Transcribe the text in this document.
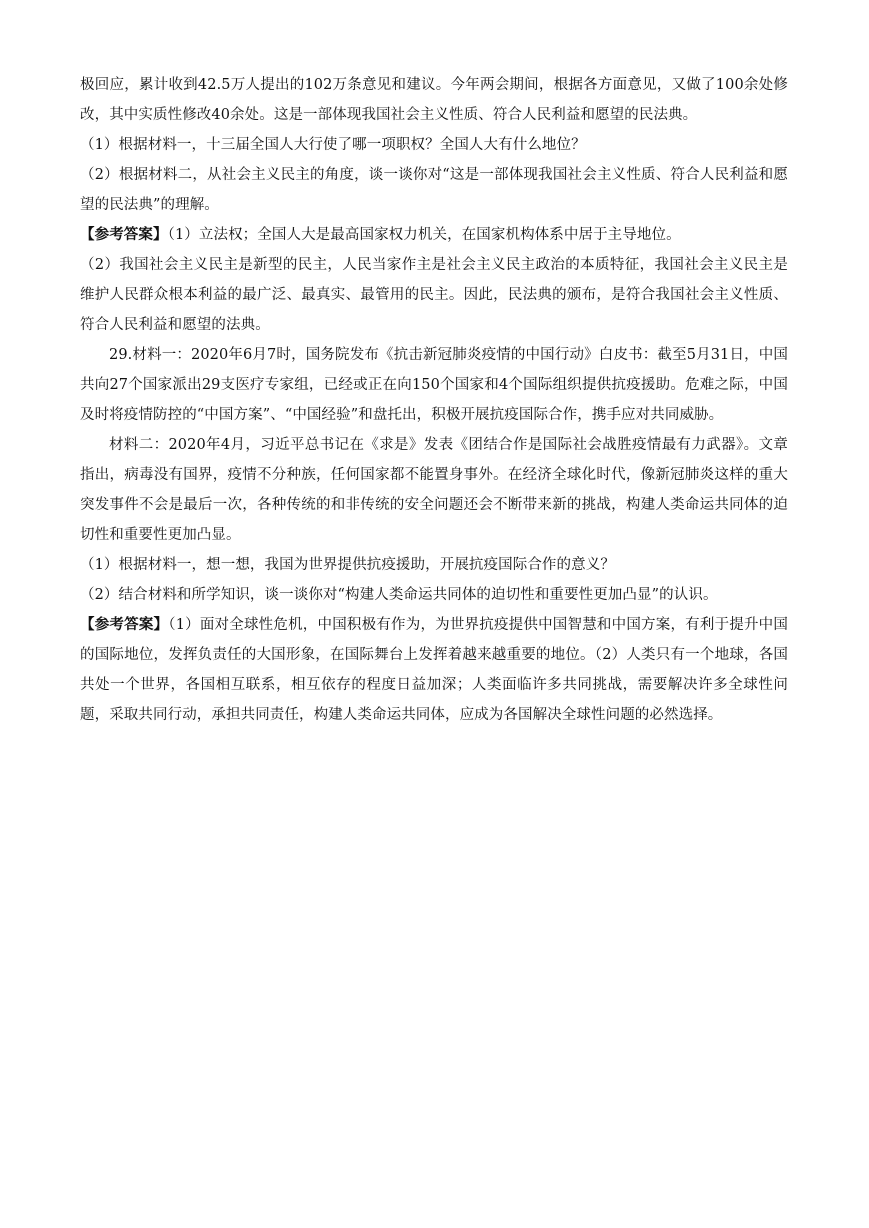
极回应，累计收到42.5万人提出的102万条意见和建议。今年两会期间，根据各方面意见，又做了100余处修改，其中实质性修改40余处。这是一部体现我国社会主义性质、符合人民利益和愿望的民法典。

（1）根据材料一，十三届全国人大行使了哪一项职权？全国人大有什么地位？

（2）根据材料二，从社会主义民主的角度，谈一谈你对“这是一部体现我国社会主义性质、符合人民利益和愿望的民法典”的理解。

【参考答案】（1）立法权；全国人大是最高国家权力机关，在国家机构体系中居于主导地位。

（2）我国社会主义民主是新型的民主，人民当家作主是社会主义民主政治的本质特征，我国社会主义民主是维护人民群众根本利益的最广泛、最真实、最管用的民主。因此，民法典的颁布，是符合我国社会主义性质、符合人民利益和愿望的法典。

29.材料一：2020年6月7时，国务院发布《抗击新冠肺炎疫情的中国行动》白皮书：截至5月31日，中国共向27个国家派出29支医疗专家组，已经或正在向150个国家和4个国际组织提供抗疫援助。危难之际，中国及时将疫情防控的“中国方案”、“中国经验”和盘托出，积极开展抗疫国际合作，携手应对共同威胁。

材料二：2020年4月，习近平总书记在《求是》发表《团结合作是国际社会战胜疫情最有力武器》。文章指出，病毒没有国界，疫情不分种族，任何国家都不能置身事外。在经济全球化时代，像新冠肺炎这样的重大突发事件不会是最后一次，各种传统的和非传统的安全问题还会不断带来新的挑战，构建人类命运共同体的迫切性和重要性更加凸显。

（1）根据材料一，想一想，我国为世界提供抗疫援助，开展抗疫国际合作的意义？

（2）结合材料和所学知识，谈一谈你对“构建人类命运共同体的迫切性和重要性更加凸显”的认识。

【参考答案】（1）面对全球性危机，中国积极有作为，为世界抗疫提供中国智慧和中国方案，有利于提升中国的国际地位，发挥负责任的大国形象，在国际舞台上发挥着越来越重要的地位。（2）人类只有一个地球，各国共处一个世界，各国相互联系，相互依存的程度日益加深；人类面临许多共同挑战，需要解决许多全球性问题，采取共同行动，承担共同责任，构建人类命运共同体，应成为各国解决全球性问题的必然选择。
